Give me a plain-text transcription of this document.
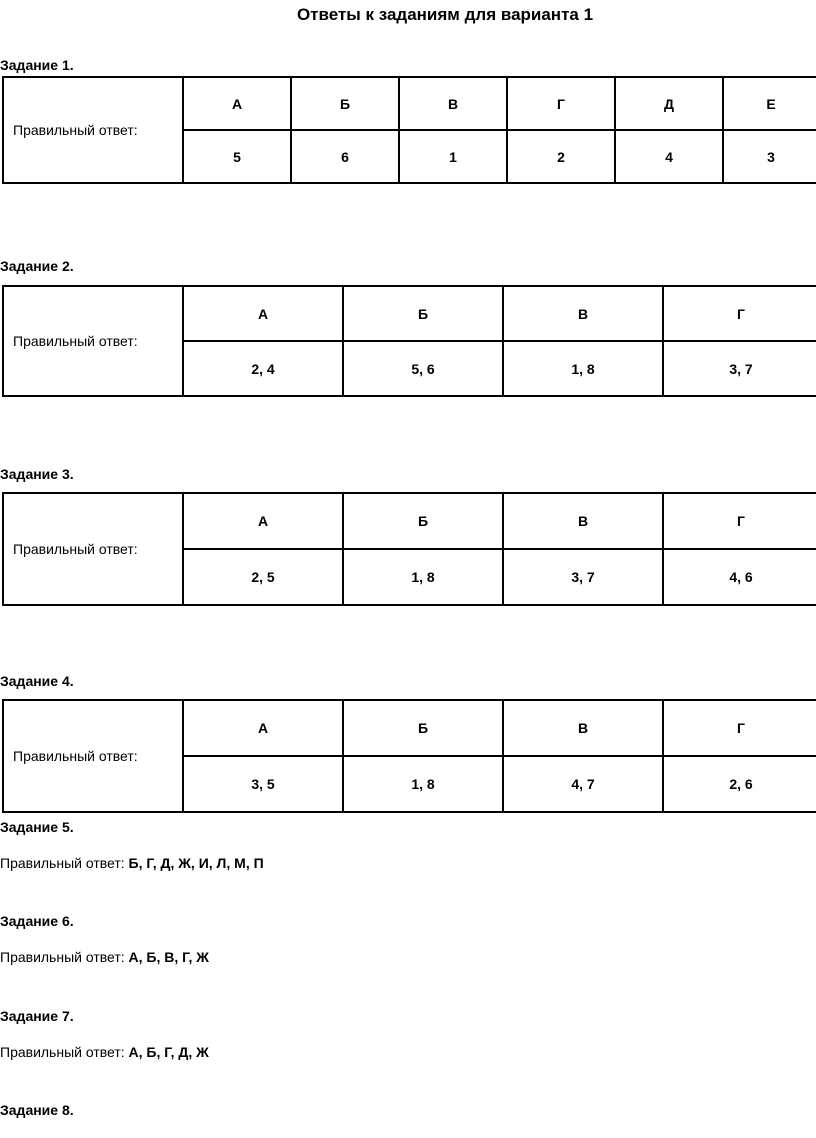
Ответы к заданиям для варианта 1
Задание 1.
Правильный ответ:	А	Б	В	Г	Д	Е
	5	6	1	2	4	3
Задание 2.
Правильный ответ:	А	Б	В	Г
	2, 4	5, 6	1, 8	3, 7
Задание 3.
Правильный ответ:	А	Б	В	Г
	2, 5	1, 8	3, 7	4, 6
Задание 4.
Правильный ответ:	А	Б	В	Г
	3, 5	1, 8	4, 7	2, 6
Задание 5.
Правильный ответ: Б, Г, Д, Ж, И, Л, М, П
Задание 6.
Правильный ответ: А, Б, В, Г, Ж
Задание 7.
Правильный ответ: А, Б, Г, Д, Ж
Задание 8.
